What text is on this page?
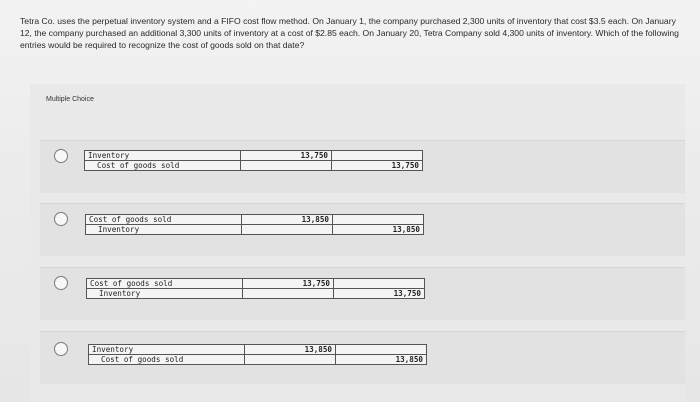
Tetra Co. uses the perpetual inventory system and a FIFO cost flow method. On January 1, the company purchased 2,300 units of inventory that cost $3.5 each. On January 12, the company purchased an additional 3,300 units of inventory at a cost of $2.85 each. On January 20, Tetra Company sold 4,300 units of inventory. Which of the following entries would be required to recognize the cost of goods sold on that date?
Multiple Choice
Inventory	13,750	
Cost of goods sold		13,750
Cost of goods sold	13,850	
Inventory		13,850
Cost of goods sold	13,750	
Inventory		13,750
Inventory	13,850	
Cost of goods sold		13,850
